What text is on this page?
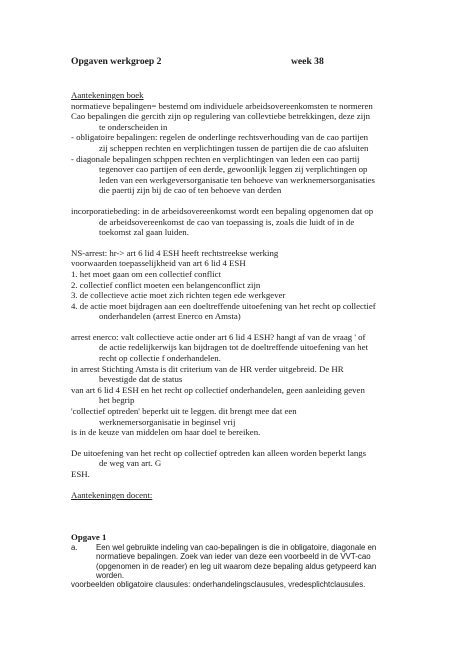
Opgaven werkgroep 2	week 38

Aantekeningen boek

normatieve bepalingen= bestemd om individuele arbeidsovereenkomsten te normeren

Cao bepalingen die gercith zijn op regulering van collevtiebe betrekkingen, deze zijn

te onderscheiden in

- obligatoire bepalingen: regelen de onderlinge rechtsverhouding van de cao partijen

zij scheppen rechten en verplichtingen tussen de partijen die de cao afsluiten

- diagonale bepalingen schppen rechten en verplichtingen van leden een cao partij

tegenover cao partijen of een derde, gewoonlijk leggen zij verplichtingen op

leden van een werkgeversorganisatie ten behoeve van werknemersorganisaties

die paertij zijn bij de cao of ten behoeve van derden

incorporatiebeding: in de arbeidsovereenkomst wordt een bepaling opgenomen dat op

de arbeidsovereenkomst de cao van toepassing is, zoals die luidt of in de

toekomst zal gaan luiden.

NS-arrest: hr-> art 6 lid 4 ESH heeft rechtstreekse werking

voorwaarden toepasselijkheid van art 6 lid 4 ESH

1. het moet gaan om een collectief conflict

2. collectief conflict moeten een belangenconflict zijn

3. de collectieve actie moet zich richten tegen ede werkgever

4. de actie moet bijdragen aan een doeltreffende uitoefening van het recht op collectief

onderhandelen (arrest Enerco en Amsta)

arrest enerco: valt collectieve actie onder art 6 lid 4 ESH? hangt af van de vraag ' of

de actie redelijkerwijs kan bijdragen tot de doeltreffende uitoefening van het

recht op collectie f onderhandelen.

in arrest Stichting Amsta is dit criterium van de HR verder uitgebreid. De HR

bevestigde dat de status

van art 6 lid 4 ESH en het recht op collectief onderhandelen, geen aanleiding geven

het begrip

'collectief optreden' beperkt uit te leggen. dit brengt mee dat een

werknemersorganisatie in beginsel vrij

is in de keuze van middelen om haar doel te bereiken.

De uitoefening van het recht op collectief optreden kan alleen worden beperkt langs

de weg van art. G

ESH.

Aantekeningen docent:

Opgave 1

a.	Een wel gebruikte indeling van cao-bepalingen is die in obligatoire, diagonale en

normatieve bepalingen. Zoek van ieder van deze een voorbeeld in de VVT-cao

(opgenomen in de reader) en leg uit waarom deze bepaling aldus getypeerd kan

worden.

voorbeelden obligatoire clausules: onderhandelingsclausules, vredesplichtclausules.
